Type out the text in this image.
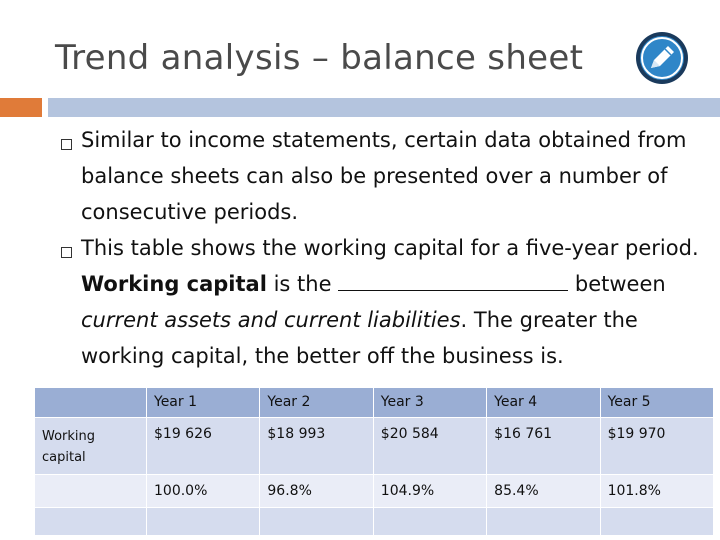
Trend analysis – balance sheet
Similar to income statements, certain data obtained from balance sheets can also be presented over a number of consecutive periods.
This table shows the working capital for a five-year period. Working capital is the	between current assets and current liabilities. The greater the working capital, the better off the business is.
	Year 1	Year 2	Year 3	Year 4	Year 5
Working capital	$19 626	$18 993	$20 584	$16 761	$19 970
	100.0%	96.8%	104.9%	85.4%	101.8%
